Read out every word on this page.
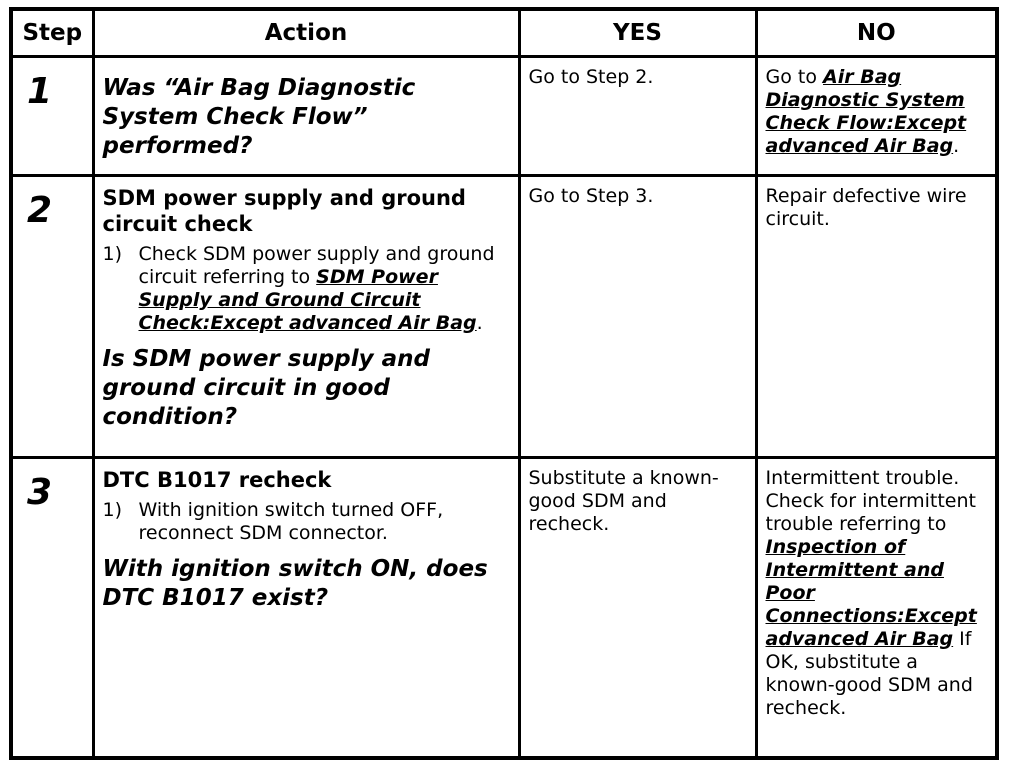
Step	Action	YES	NO

1	Was “Air Bag Diagnostic System Check Flow” performed?	Go to Step 2.	Go to Air Bag Diagnostic System Check Flow:Except advanced Air Bag.

2	SDM power supply and ground circuit check
1) Check SDM power supply and ground circuit referring to SDM Power Supply and Ground Circuit Check:Except advanced Air Bag.
Is SDM power supply and ground circuit in good condition?	Go to Step 3.	Repair defective wire circuit.

3	DTC B1017 recheck
1) With ignition switch turned OFF, reconnect SDM connector.
With ignition switch ON, does DTC B1017 exist?	Substitute a known-good SDM and recheck.	Intermittent trouble. Check for intermittent trouble referring to Inspection of Intermittent and Poor Connections:Except advanced Air Bag If OK, substitute a known-good SDM and recheck.
